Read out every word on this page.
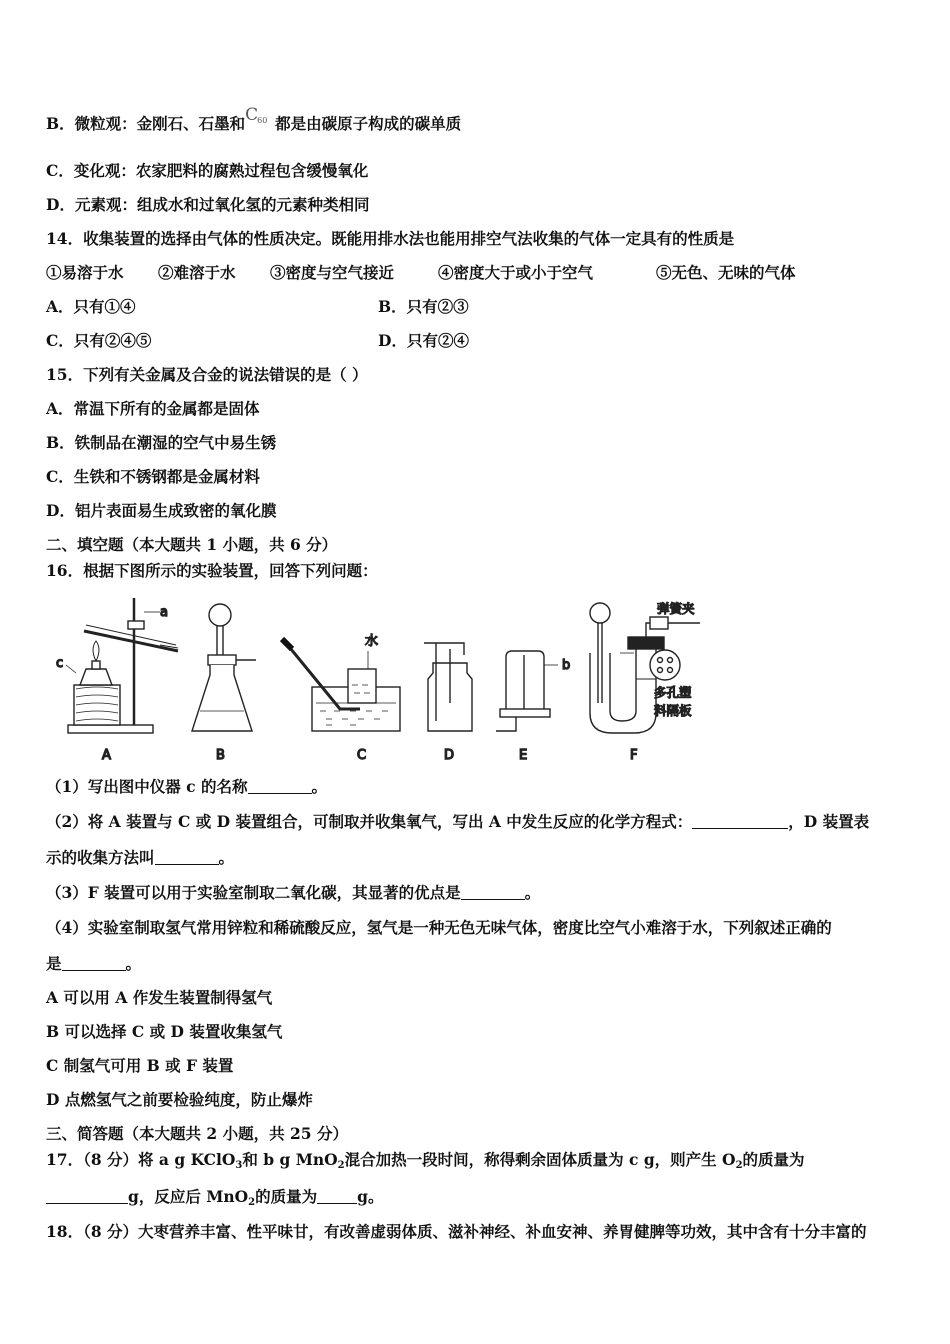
B．微粒观：金刚石、石墨和 C
60 都是由碳原子构成的碳单质
C．变化观：农家肥料的腐熟过程包含缓慢氧化
D．元素观：组成水和过氧化氢的元素种类相同
14．收集装置的选择由气体的性质决定。既能用排水法也能用排空气法收集的气体一定具有的性质是
①易溶于水 ②难溶于水 ③密度与空气接近	④密度大于或小于空气	⑤无色、无味的气体
A．只有①④	B．只有②③
C．只有②④⑤	D．只有②④
15．下列有关金属及合金的说法错误的是（ ）
A．常温下所有的金属都是固体
B．铁制品在潮湿的空气中易生锈
C．生铁和不锈钢都是金属材料
D．铝片表面易生成致密的氧化膜
二、填空题（本大题共 1 小题，共 6 分）
16．根据下图所示的实验装置，回答下列问题：
a
c
A	B
水
C	D
b
E
弹簧夹
多孔塑
料隔板
F
（1）写出图中仪器 c 的名称	。
（2）将 A 装置与 C 或 D 装置组合，可制取并收集氧气，写出 A 中发生反应的化学方程式：	，D 装置表
示的收集方法叫	。
（3）F 装置可以用于实验室制取二氧化碳，其显著的优点是	。
（4）实验室制取氢气常用锌粒和稀硫酸反应，氢气是一种无色无味气体，密度比空气小难溶于水，下列叙述正确的
是	。
A 可以用 A 作发生装置制得氢气
B 可以选择 C 或 D 装置收集氢气
C 制氢气可用 B 或 F 装置
D 点燃氢气之前要检验纯度，防止爆炸
三、简答题（本大题共 2 小题，共 25 分）
17．（8 分）将 a g KClO$_3$和 b g MnO$_2$混合加热一段时间，称得剩余固体质量为 c g，则产生 $O_2$的质量为
g，反应后 MnO$_2$的质量为	g。
18．（8 分）大枣营养丰富、性平味甘，有改善虚弱体质、滋补神经、补血安神、养胃健脾等功效，其中含有十分丰富的
